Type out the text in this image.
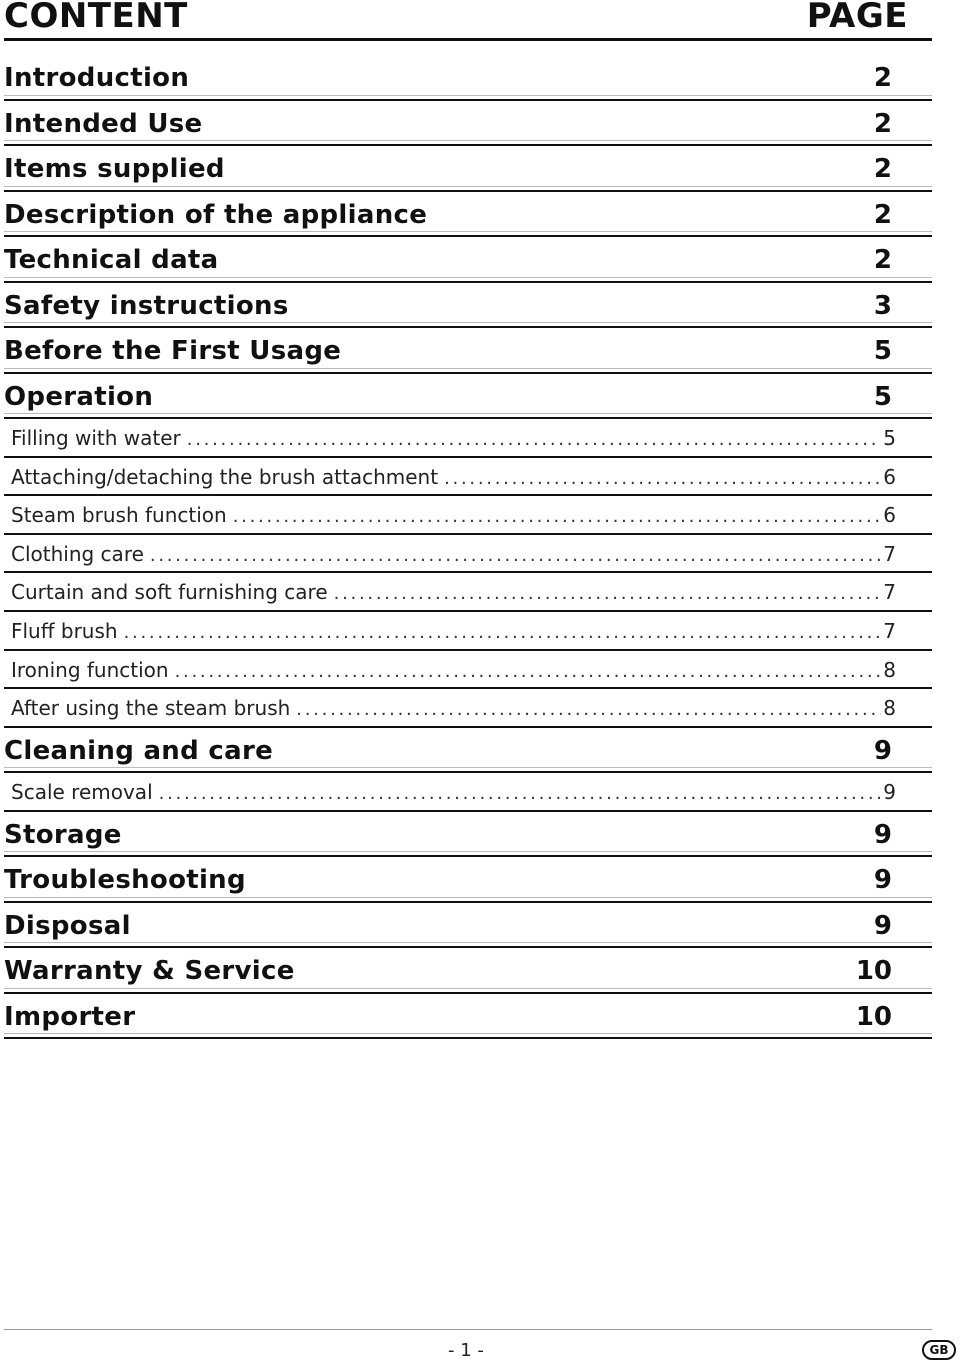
CONTENT	PAGE
Introduction	2
Intended Use	2
Items supplied	2
Description of the appliance	2
Technical data	2
Safety instructions	3
Before the First Usage	5
Operation	5
Filling with water . . .	5
Attaching/detaching the brush attachment . . .	6
Steam brush function . . .	6
Clothing care . . .	7
Curtain and soft furnishing care . . .	7
Fluff brush . . .	7
Ironing function . . .	8
After using the steam brush . . .	8
Cleaning and care	9
Scale removal . . .	9
Storage	9
Troubleshooting	9
Disposal	9
Warranty & Service	10
Importer	10
- 1 -	GB
